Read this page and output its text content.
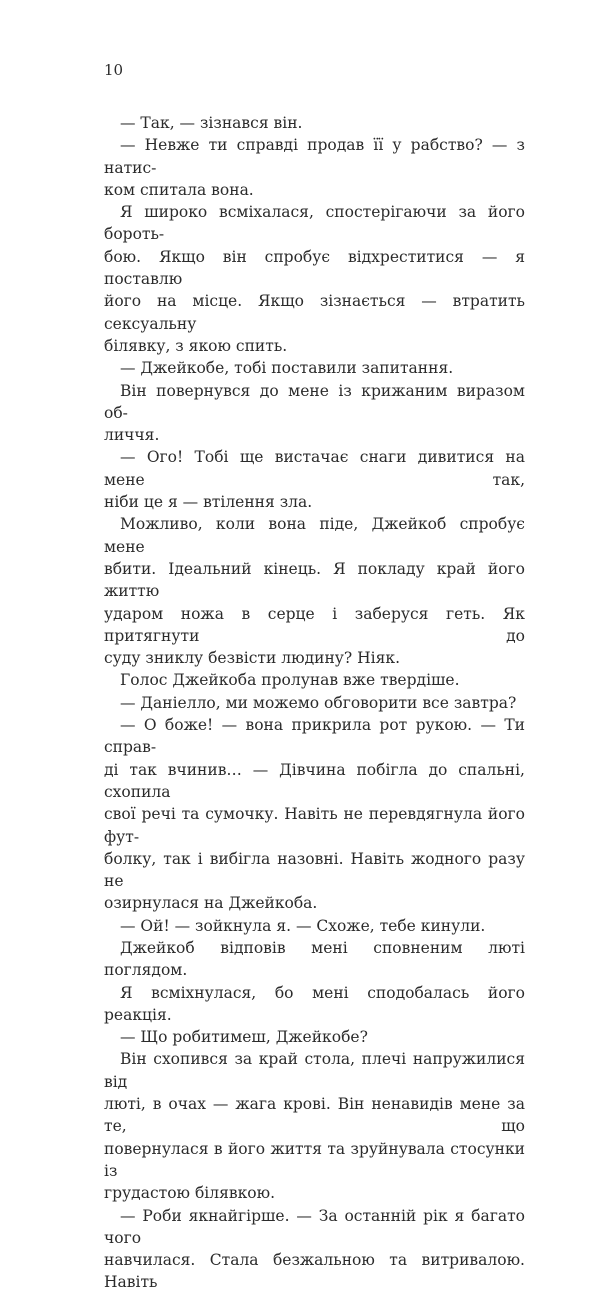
10
— Так, — зізнався він.
— Невже ти справді продав її у рабство? — з натис-
ком спитала вона.
Я широко всміхалася, спостерігаючи за його бороть-
бою. Якщо він спробує відхреститися — я поставлю
його на місце. Якщо зізнається — втратить сексуальну
білявку, з якою спить.
— Джейкобе, тобі поставили запитання.
Він повернувся до мене із крижаним виразом об-
личчя.
— Ого! Тобі ще вистачає снаги дивитися на мене так,
ніби це я — втілення зла.
Можливо, коли вона піде, Джейкоб спробує мене
вбити. Ідеальний кінець. Я покладу край його життю
ударом ножа в серце і заберуся геть. Як притягнути до
суду зниклу безвісти людину? Ніяк.
Голос Джейкоба пролунав вже твердіше.
— Даніелло, ми можемо обговорити все завтра?
— О боже! — вона прикрила рот рукою. — Ти справ-
ді так вчинив… — Дівчина побігла до спальні, схопила
свої речі та сумочку. Навіть не перевдягнула його фут-
болку, так і вибігла назовні. Навіть жодного разу не
озирнулася на Джейкоба.
— Ой! — зойкнула я. — Схоже, тебе кинули.
Джейкоб відповів мені сповненим люті поглядом.
Я всміхнулася, бо мені сподобалась його реакція.
— Що робитимеш, Джейкобе?
Він схопився за край стола, плечі напружилися від
люті, в очах — жага крові. Він ненавидів мене за те, що
повернулася в його життя та зруйнувала стосунки із
грудастою білявкою.
— Роби якнайгірше. — За останній рік я багато чого
навчилася. Стала безжальною та витривалою. Навіть
